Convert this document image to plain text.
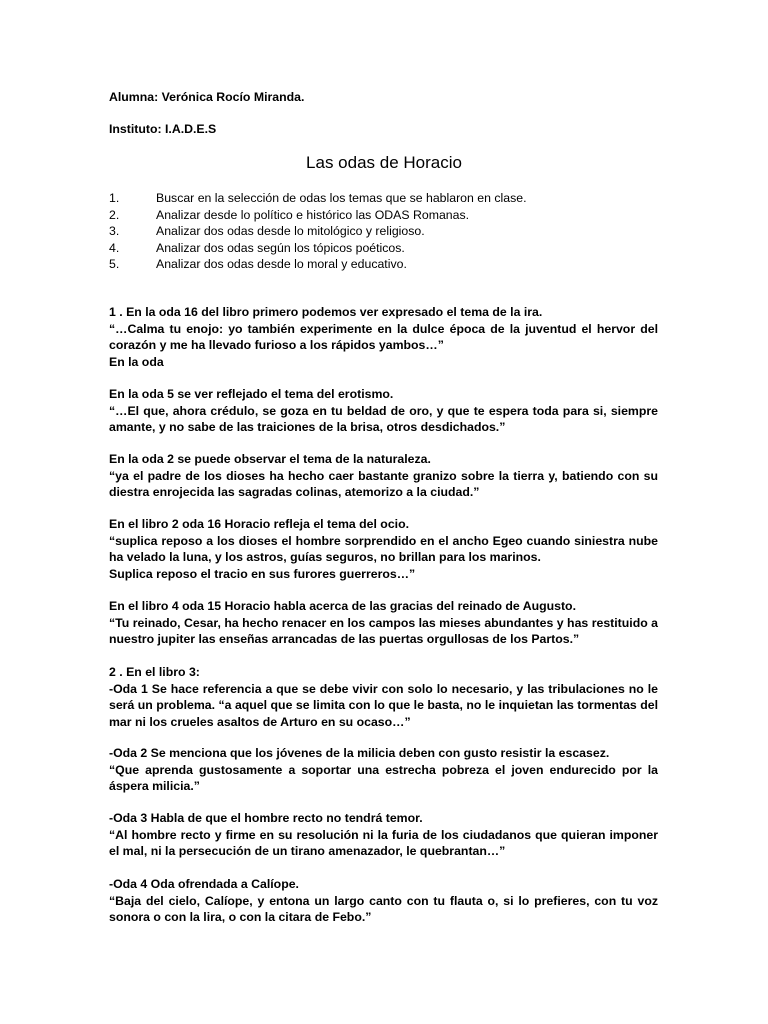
Alumna: Verónica Rocío Miranda.
Instituto: I.A.D.E.S
Las odas de Horacio
1.	Buscar en la selección de odas los temas que se hablaron en clase.
2.	Analizar desde lo político e histórico las ODAS Romanas.
3.	Analizar dos odas desde lo mitológico y religioso.
4.	Analizar dos odas según los tópicos poéticos.
5.	Analizar dos odas desde lo moral y educativo.

1 . En la oda 16 del libro primero podemos ver expresado el tema de la ira.

“…Calma tu enojo: yo también experimente en la dulce época de la juventud el hervor del corazón y me ha llevado furioso a los rápidos yambos…”

En la oda

En la oda 5 se ver reflejado el tema del erotismo.

“…El que, ahora crédulo, se goza en tu beldad de oro, y que te espera toda para si, siempre amante, y no sabe de las traiciones de la brisa, otros desdichados.”

En la oda 2 se puede observar el tema de la naturaleza.

“ya el padre de los dioses ha hecho caer bastante granizo sobre la tierra y, batiendo con su diestra enrojecida las sagradas colinas, atemorizo a la ciudad.”

En el libro 2 oda 16 Horacio refleja el tema del ocio.

“suplica reposo a los dioses el hombre sorprendido en el ancho Egeo cuando siniestra nube ha velado la luna, y los astros, guías seguros, no brillan para los marinos.

Suplica reposo el tracio en sus furores guerreros…”

En el libro 4 oda 15 Horacio habla acerca de las gracias del reinado de Augusto.

“Tu reinado, Cesar, ha hecho renacer en los campos las mieses abundantes y has restituido a nuestro jupiter las enseñas arrancadas de las puertas orgullosas de los Partos.”

2 . En el libro 3:

-Oda 1 Se hace referencia a que se debe vivir con solo lo necesario, y las tribulaciones no le será un problema. “a aquel que se limita con lo que le basta, no le inquietan las tormentas del mar ni los crueles asaltos de Arturo en su ocaso…”

-Oda 2 Se menciona que los jóvenes de la milicia deben con gusto resistir la escasez.

“Que aprenda gustosamente a soportar una estrecha pobreza el joven endurecido por la áspera milicia.”

-Oda 3 Habla de que el hombre recto no tendrá temor.

“Al hombre recto y firme en su resolución ni la furia de los ciudadanos que quieran imponer el mal, ni la persecución de un tirano amenazador, le quebrantan…”

-Oda 4 Oda ofrendada a Calíope.

“Baja del cielo, Calíope, y entona un largo canto con tu flauta o, si lo prefieres, con tu voz sonora o con la lira, o con la citara de Febo.”
